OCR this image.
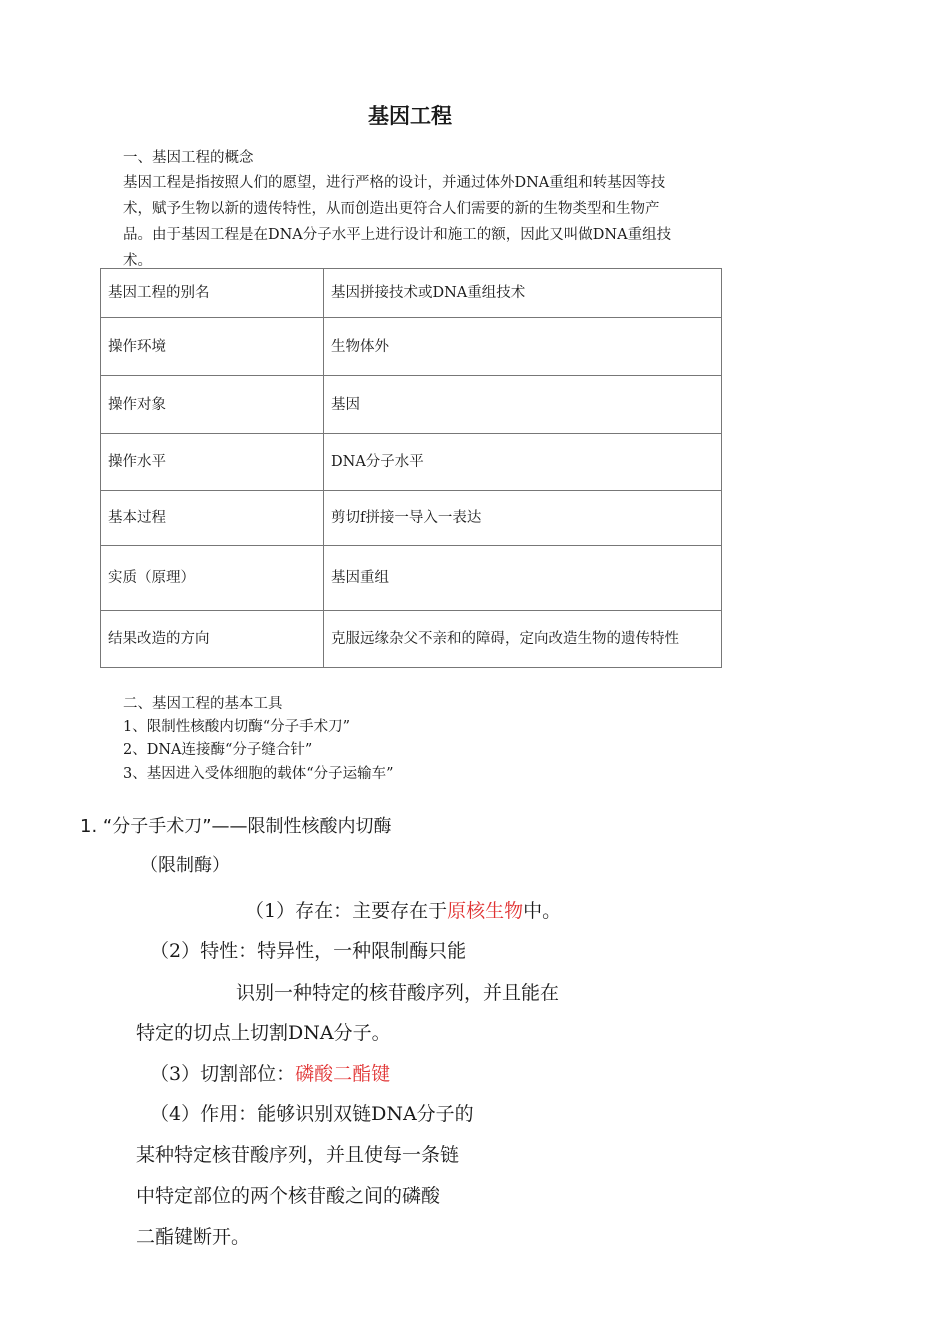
基因工程
一、基因工程的概念
基因工程是指按照人们的愿望，进行严格的设计，并通过体外DNA重组和转基因等技
术，赋予生物以新的遗传特性，从而创造出更符合人们需要的新的生物类型和生物产
品。由于基因工程是在DNA分子水平上进行设计和施工的额，因此又叫做DNA重组技
术。
基因工程的别名	基因拼接技术或DNA重组技术
操作环境	生物体外
操作对象	基因
操作水平	DNA分子水平
基本过程	剪切f拼接一导入一表达
实质（原理）	基因重组
结果改造的方向	克服远缘杂父不亲和的障碍，定向改造生物的遗传特性
二、基因工程的基本工具
1、限制性核酸内切酶“分子手术刀”
2、DNA连接酶“分子缝合针”
3、基因进入受体细胞的载体“分子运输车”
1. “分子手术刀”——限制性核酸内切酶
（限制酶）
（1）存在：主要存在于原核生物中。
（2）特性：特异性，一种限制酶只能
识别一种特定的核苷酸序列，并且能在
特定的切点上切割DNA分子。
（3）切割部位：磷酸二酯键
（4）作用：能够识别双链DNA分子的
某种特定核苷酸序列，并且使每一条链
中特定部位的两个核苷酸之间的磷酸
二酯键断开。
